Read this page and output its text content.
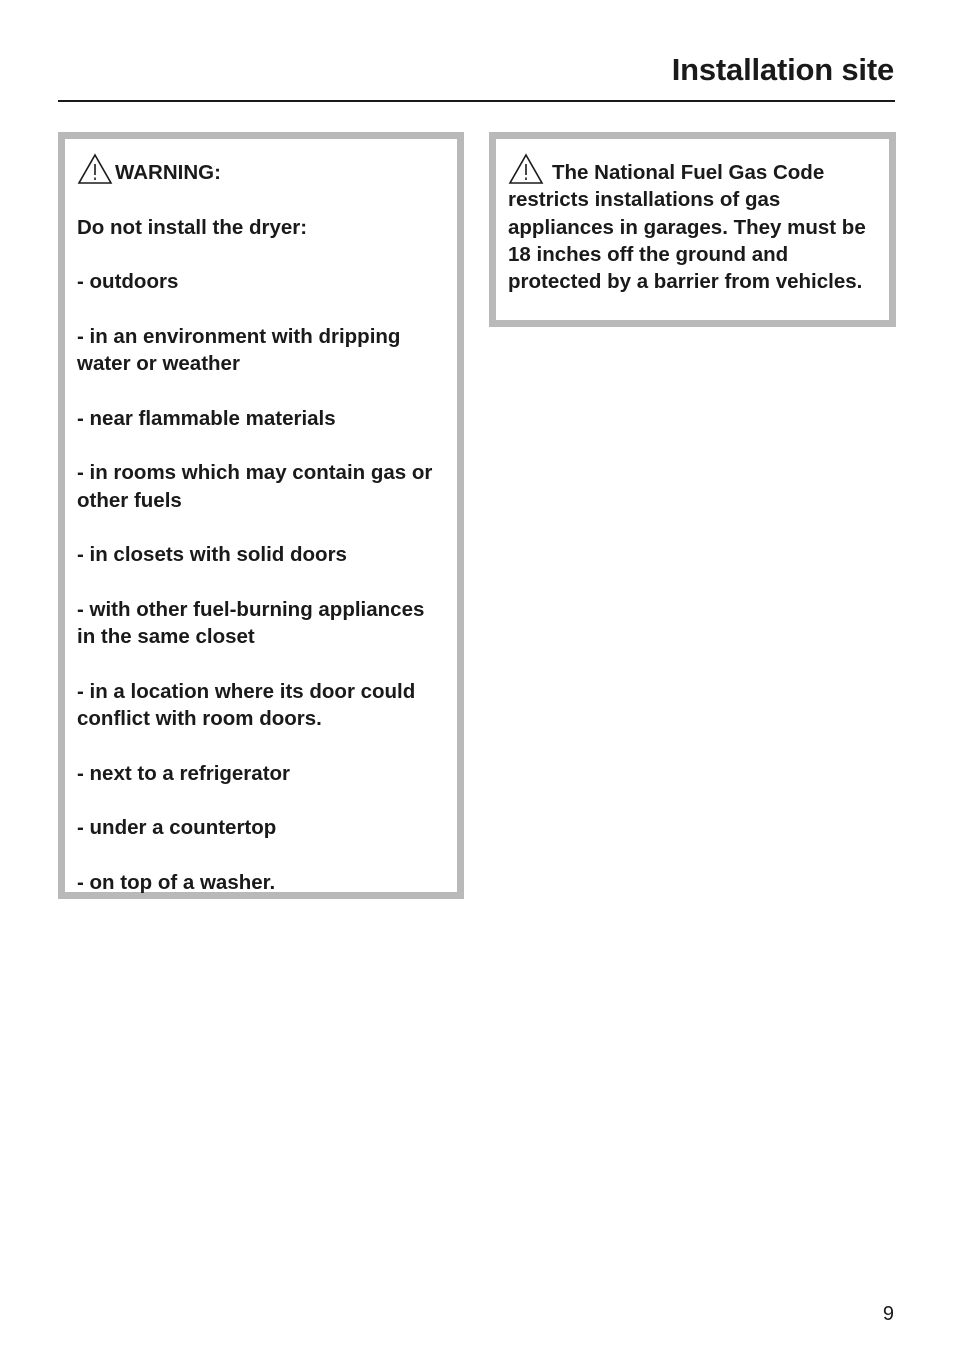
Installation site

WARNING:

Do not install the dryer:

- outdoors

- in an environment with dripping water or weather

- near flammable materials

- in rooms which may contain gas or other fuels

- in closets with solid doors

- with other fuel-burning appliances in the same closet

- in a location where its door could conflict with room doors.

- next to a refrigerator

- under a countertop

- on top of a washer.

The National Fuel Gas Code restricts installations of gas appliances in garages. They must be 18 inches off the ground and protected by a barrier from vehicles.

9
